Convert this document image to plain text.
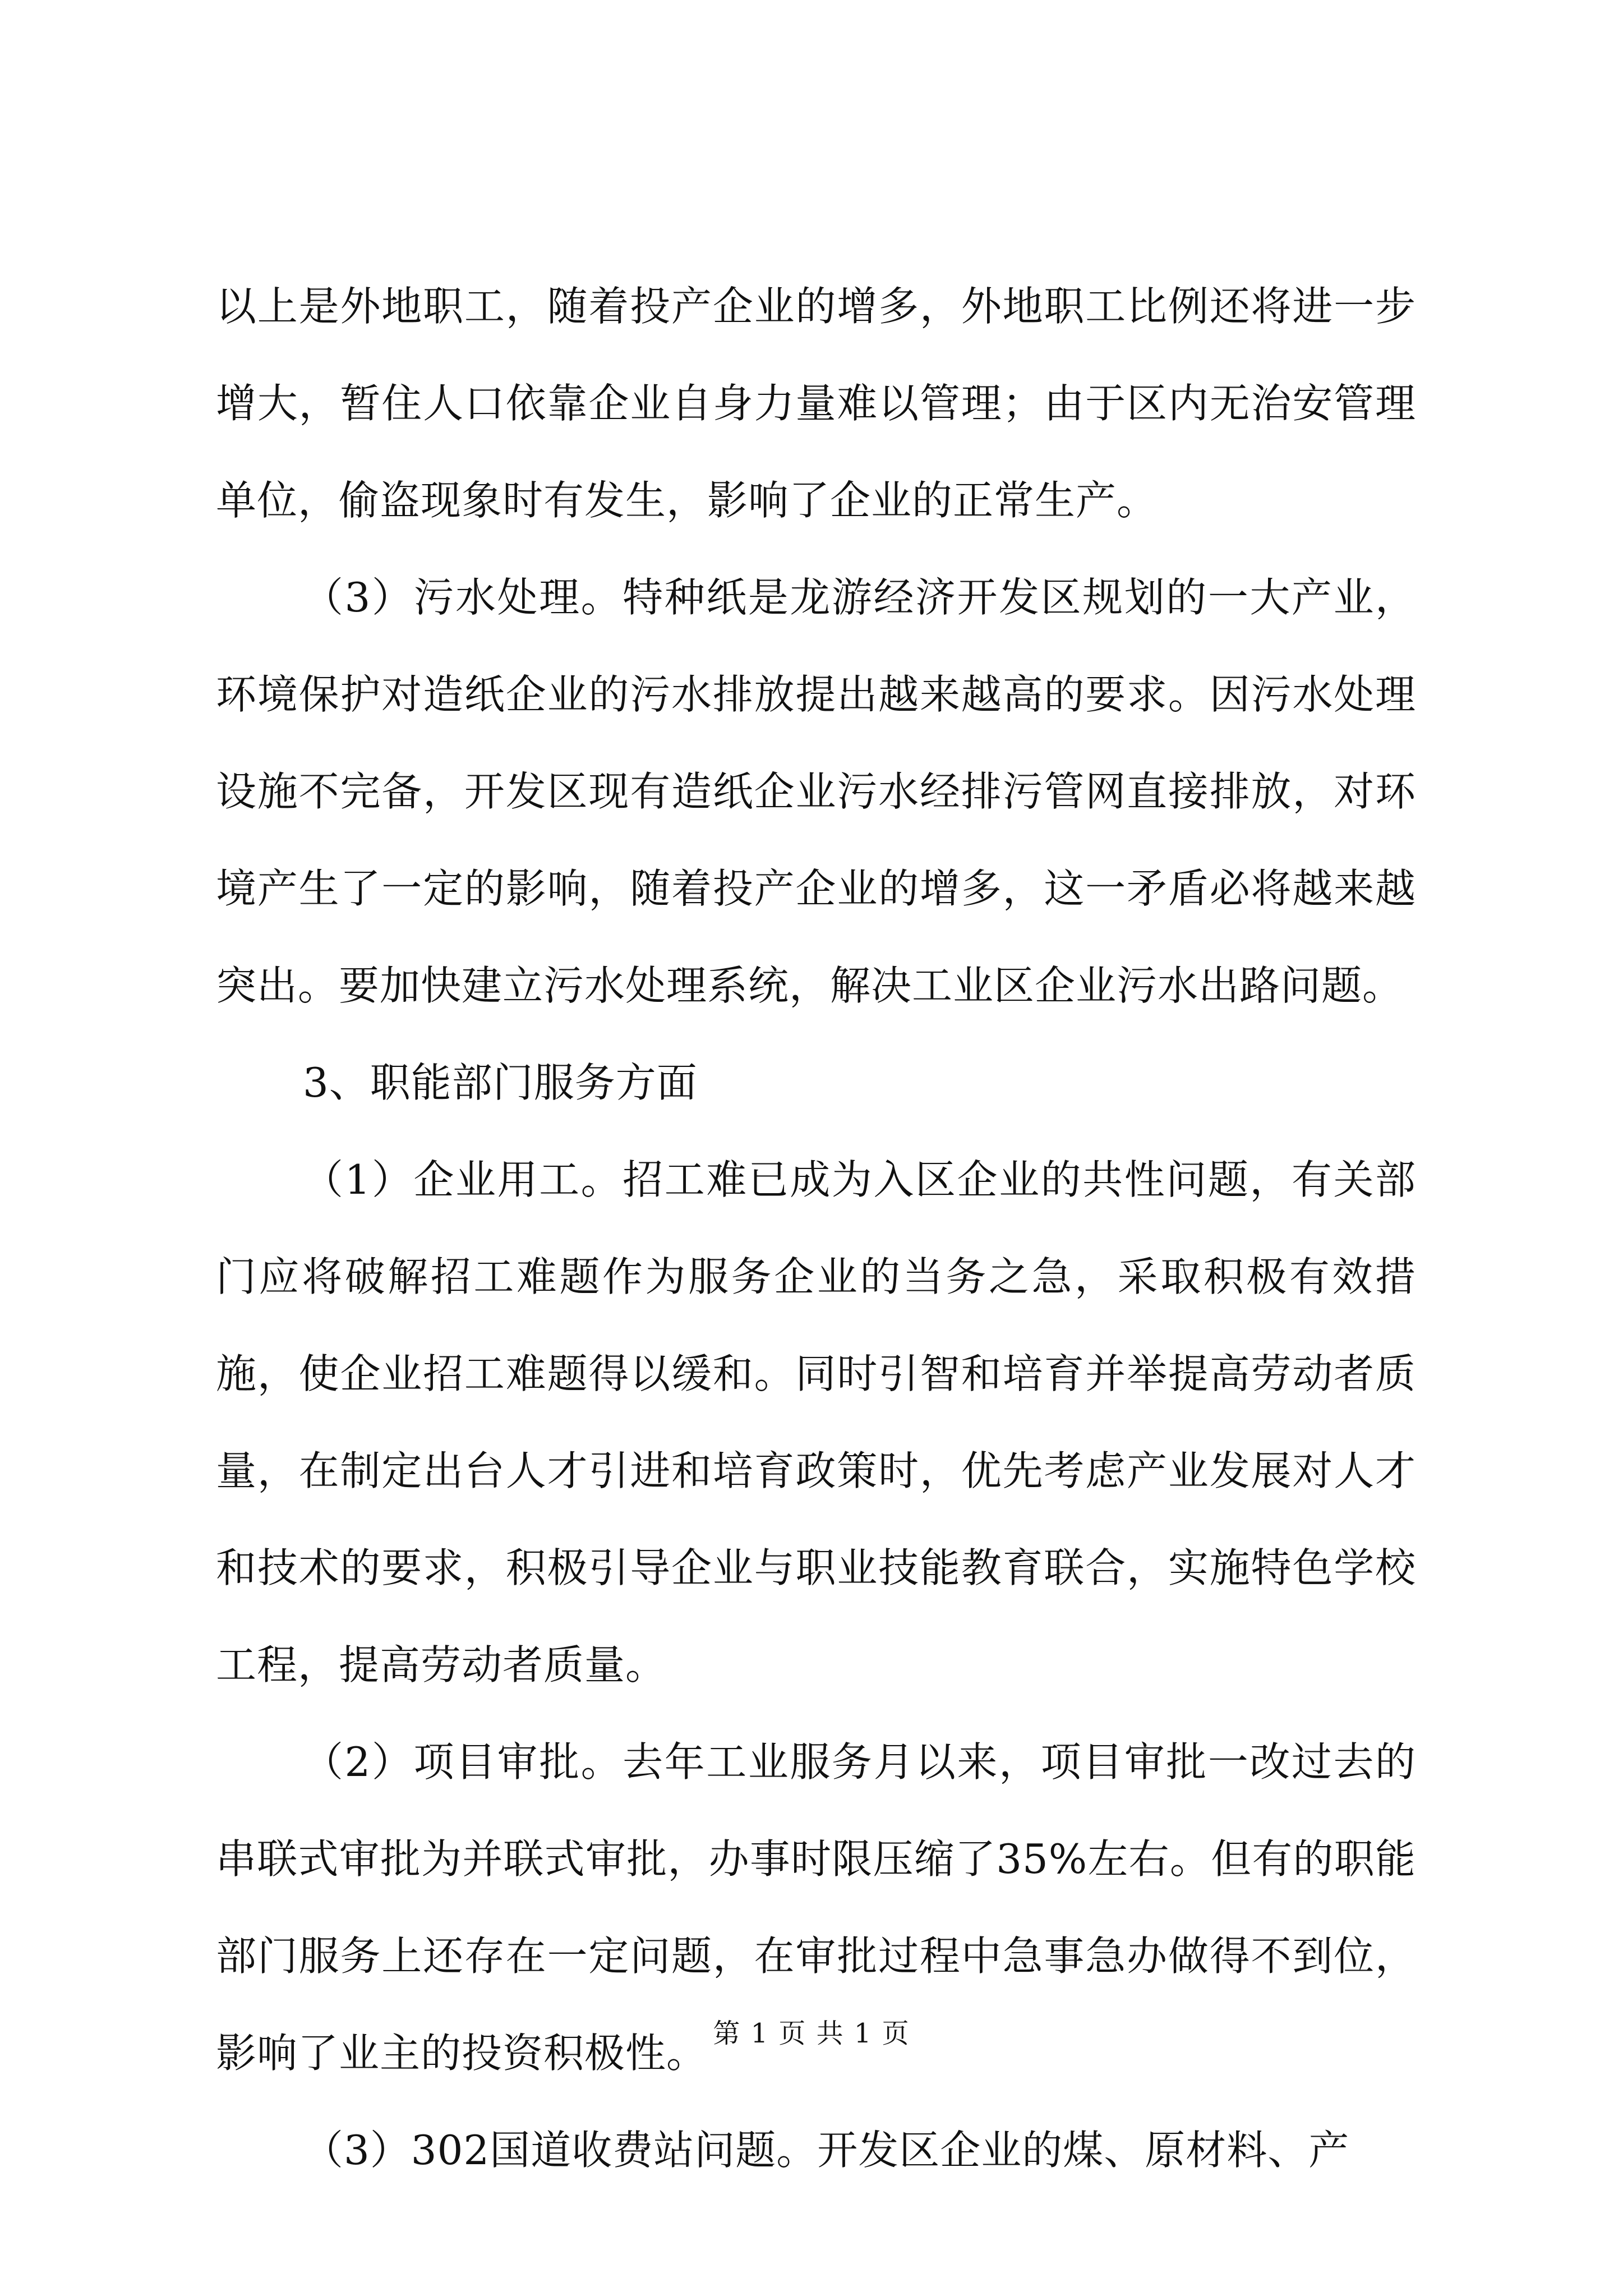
以上是外地职工，随着投产企业的增多，外地职工比例还将进一步增大，暂住人口依靠企业自身力量难以管理；由于区内无治安管理单位，偷盗现象时有发生，影响了企业的正常生产。

（3）污水处理。特种纸是龙游经济开发区规划的一大产业，环境保护对造纸企业的污水排放提出越来越高的要求。因污水处理设施不完备，开发区现有造纸企业污水经排污管网直接排放，对环境产生了一定的影响，随着投产企业的增多，这一矛盾必将越来越突出。要加快建立污水处理系统，解决工业区企业污水出路问题。

3、职能部门服务方面

（1）企业用工。招工难已成为入区企业的共性问题，有关部门应将破解招工难题作为服务企业的当务之急，采取积极有效措施，使企业招工难题得以缓和。同时引智和培育并举提高劳动者质量，在制定出台人才引进和培育政策时，优先考虑产业发展对人才和技术的要求，积极引导企业与职业技能教育联合，实施特色学校工程，提高劳动者质量。

（2）项目审批。去年工业服务月以来，项目审批一改过去的串联式审批为并联式审批，办事时限压缩了35%左右。但有的职能部门服务上还存在一定问题，在审批过程中急事急办做得不到位，影响了业主的投资积极性。

（3）302国道收费站问题。开发区企业的煤、原材料、产

第 1 页 共 1 页
